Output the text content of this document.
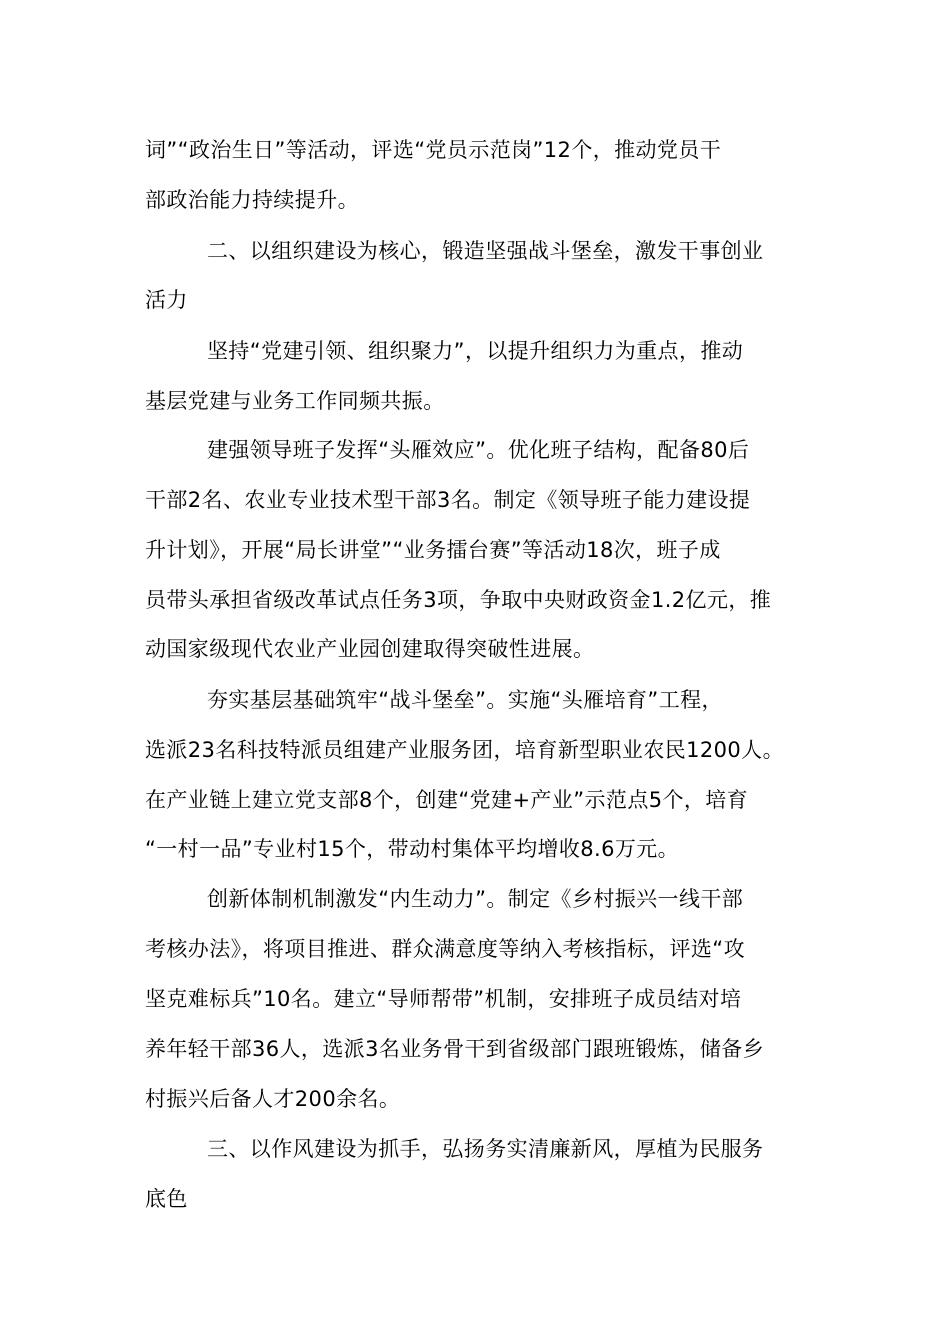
词”“政治生日”等活动，评选“党员示范岗”12个，推动党员干
部政治能力持续提升。
二、以组织建设为核心，锻造坚强战斗堡垒，激发干事创业
活力
坚持“党建引领、组织聚力”，以提升组织力为重点，推动
基层党建与业务工作同频共振。
建强领导班子发挥“头雁效应”。优化班子结构，配备80后
干部2名、农业专业技术型干部3名。制定《领导班子能力建设提
升计划》，开展“局长讲堂”“业务擂台赛”等活动18次，班子成
员带头承担省级改革试点任务3项，争取中央财政资金1.2亿元，推
动国家级现代农业产业园创建取得突破性进展。
夯实基层基础筑牢“战斗堡垒”。实施“头雁培育”工程，
选派23名科技特派员组建产业服务团，培育新型职业农民1200人。
在产业链上建立党支部8个，创建“党建+产业”示范点5个，培育
“一村一品”专业村15个，带动村集体平均增收8.6万元。
创新体制机制激发“内生动力”。制定《乡村振兴一线干部
考核办法》，将项目推进、群众满意度等纳入考核指标，评选“攻
坚克难标兵”10名。建立“导师帮带”机制，安排班子成员结对培
养年轻干部36人，选派3名业务骨干到省级部门跟班锻炼，储备乡
村振兴后备人才200余名。
三、以作风建设为抓手，弘扬务实清廉新风，厚植为民服务
底色
